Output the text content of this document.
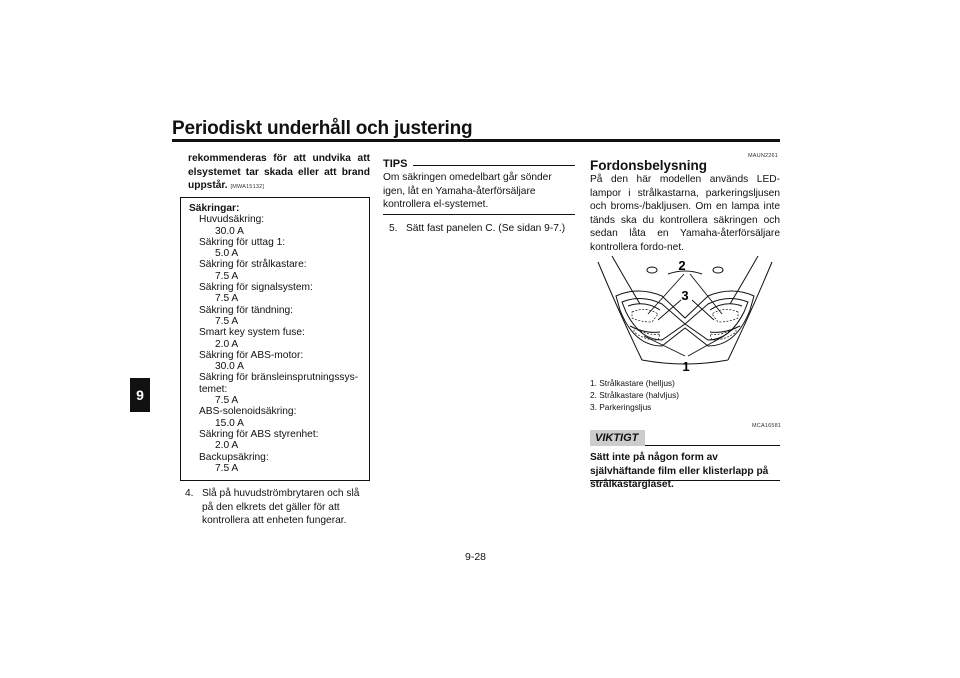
Periodiskt underhåll och justering
9
rekommenderas för att undvika att elsystemet tar skada eller att brand uppstår. [MWA15132]
Säkringar:
Huvudsäkring:
30.0 A
Säkring för uttag 1:
5.0 A
Säkring för strålkastare:
7.5 A
Säkring för signalsystem:
7.5 A
Säkring för tändning:
7.5 A
Smart key system fuse:
2.0 A
Säkring för ABS-motor:
30.0 A
Säkring för bränsleinsprutningssys-
temet:
7.5 A
ABS-solenoidsäkring:
15.0 A
Säkring för ABS styrenhet:
2.0 A
Backupsäkring:
7.5 A
4. Slå på huvudströmbrytaren och slå på den elkrets det gäller för att kontrollera att enheten fungerar.
TIPS
Om säkringen omedelbart går sönder igen, låt en Yamaha-återförsäljare kontrollera el-systemet.
5. Sätt fast panelen C. (Se sidan 9-7.)
MAUN2261
Fordonsbelysning
På den här modellen används LED-lampor i strålkastarna, parkeringsljusen och broms-/bakljusen. Om en lampa inte tänds ska du kontrollera säkringen och sedan låta en Yamaha-återförsäljare kontrollera fordo-net.
2
3
1
1. Strålkastare (helljus)
2. Strålkastare (halvljus)
3. Parkeringsljus
MCA16581
VIKTIGT
Sätt inte på någon form av självhäftande film eller klisterlapp på strålkastarglaset.
9-28
